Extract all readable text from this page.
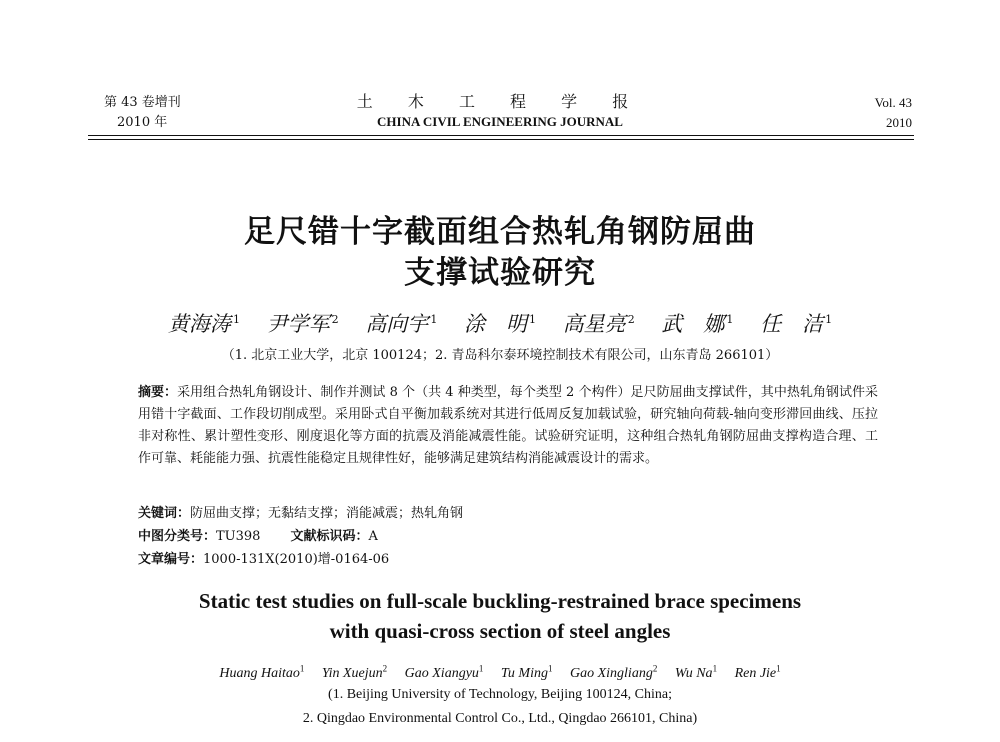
第 43 卷增刊
2010 年
土 木 工 程 学 报
CHINA CIVIL ENGINEERING JOURNAL
Vol. 43
2010
足尺错十字截面组合热轧角钢防屈曲
支撑试验研究
黄海涛 $^1$ 尹学军 $^2$ 高向宇 $^1$ 涂　明 $^1$ 高星亮 $^2$ 武　娜 $^1$ 任　洁 $^1$
（1. 北京工业大学，北京 100124；2. 青岛科尔泰环境控制技术有限公司，山东青岛 266101）
摘要：采用组合热轧角钢设计、制作并测试 8 个（共 4 种类型，每个类型 2 个构件）足尺防屈曲支撑试件，其中热轧角钢试件采用错十字截面、工作段切削成型。采用卧式自平衡加载系统对其进行低周反复加载试验，研究轴向荷载-轴向变形滞回曲线、压拉非对称性、累计塑性变形、刚度退化等方面的抗震及消能减震性能。试验研究证明，这种组合热轧角钢防屈曲支撑构造合理、工作可靠、耗能能力强、抗震性能稳定且规律性好，能够满足建筑结构消能减震设计的需求。
关键词：防屈曲支撑；无黏结支撑；消能减震；热轧角钢
中图分类号：TU398 文献标识码：A
文章编号：1000-131X(2010)增-0164-06
Static test studies on full-scale buckling-restrained brace specimens
with quasi-cross section of steel angles
Huang Haitao$^1$ Yin Xuejun$^2$ Gao Xiangyu$^1$ Tu Ming$^1$ Gao Xingliang$^2$ Wu Na$^1$ Ren Jie$^1$
(1. Beijing University of Technology, Beijing 100124, China;
2. Qingdao Environmental Control Co., Ltd., Qingdao 266101, China)
